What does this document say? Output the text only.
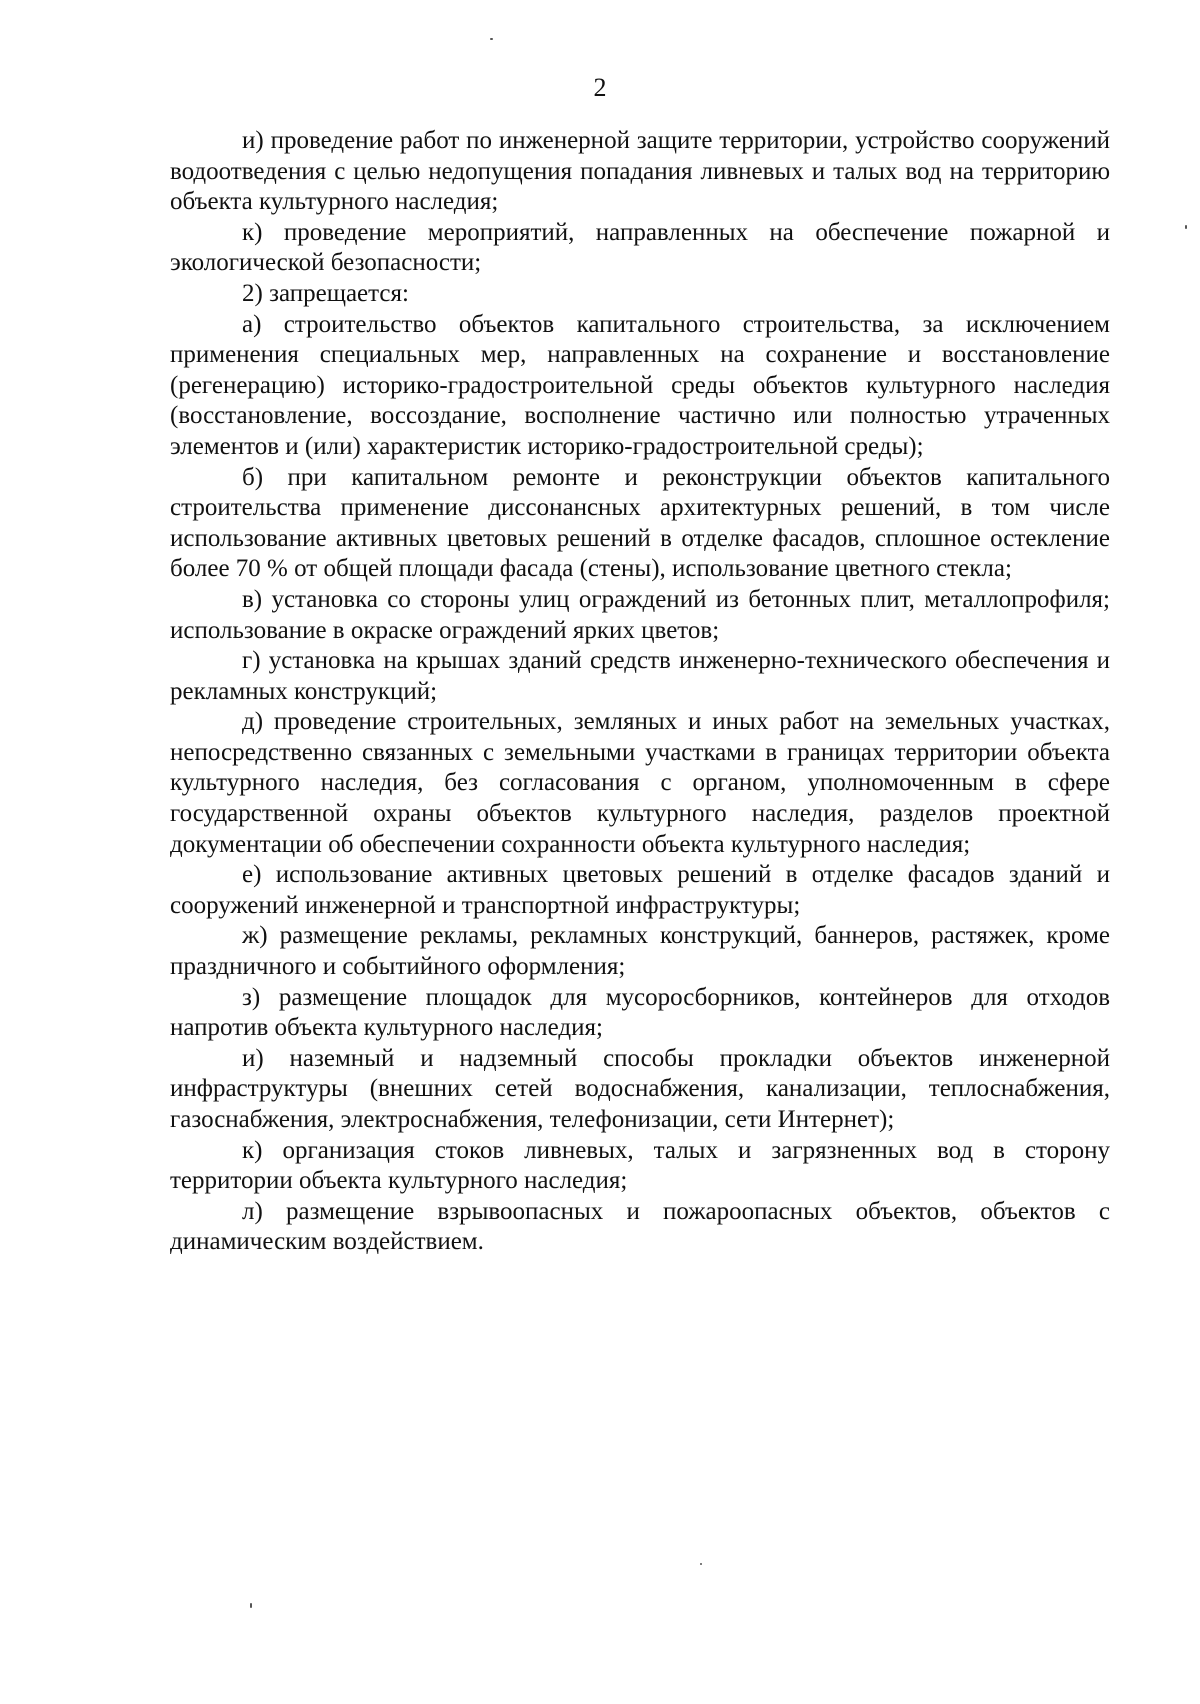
2

и) проведение работ по инженерной защите территории, устройство сооружений водоотведения с целью недопущения попадания ливневых и талых вод на территорию объекта культурного наследия;

к) проведение мероприятий, направленных на обеспечение пожарной и экологической безопасности;

2) запрещается:

а) строительство объектов капитального строительства, за исключением применения специальных мер, направленных на сохранение и восстановление (регенерацию) историко-градостроительной среды объектов культурного наследия (восстановление, воссоздание, восполнение частично или полностью утраченных элементов и (или) характеристик историко-градостроительной среды);

б) при капитальном ремонте и реконструкции объектов капитального строительства применение диссонансных архитектурных решений, в том числе использование активных цветовых решений в отделке фасадов, сплошное остекление более 70 % от общей площади фасада (стены), использование цветного стекла;

в) установка со стороны улиц ограждений из бетонных плит, металлопрофиля; использование в окраске ограждений ярких цветов;

г) установка на крышах зданий средств инженерно-технического обеспечения и рекламных конструкций;

д) проведение строительных, земляных и иных работ на земельных участках, непосредственно связанных с земельными участками в границах территории объекта культурного наследия, без согласования с органом, уполномоченным в сфере государственной охраны объектов культурного наследия, разделов проектной документации об обеспечении сохранности объекта культурного наследия;

е) использование активных цветовых решений в отделке фасадов зданий и сооружений инженерной и транспортной инфраструктуры;

ж) размещение рекламы, рекламных конструкций, баннеров, растяжек, кроме праздничного и событийного оформления;

з) размещение площадок для мусоросборников, контейнеров для отходов напротив объекта культурного наследия;

и) наземный и надземный способы прокладки объектов инженерной инфраструктуры (внешних сетей водоснабжения, канализации, теплоснабжения, газоснабжения, электроснабжения, телефонизации, сети Интернет);

к) организация стоков ливневых, талых и загрязненных вод в сторону территории объекта культурного наследия;

л) размещение взрывоопасных и пожароопасных объектов, объектов с динамическим воздействием.
